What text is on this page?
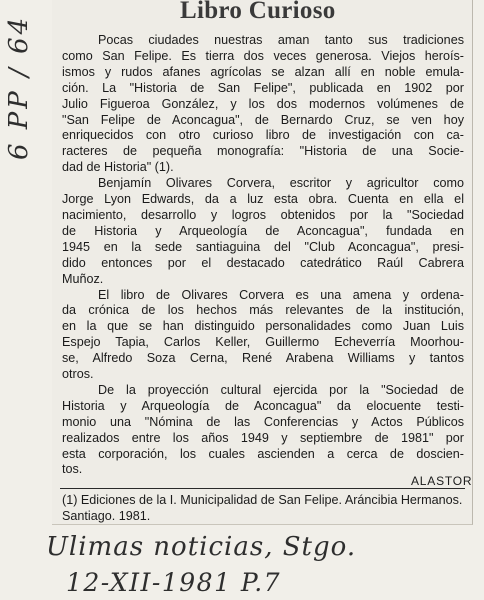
Libro Curioso

Pocas ciudades nuestras aman tanto sus tradiciones
como San Felipe. Es tierra dos veces generosa. Viejos heroís-
ismos y rudos afanes agrícolas se alzan allí en noble emula-
ción. La "Historia de San Felipe", publicada en 1902 por
Julio Figueroa González, y los dos modernos volúmenes de
"San Felipe de Aconcagua", de Bernardo Cruz, se ven hoy
enriquecidos con otro curioso libro de investigación con ca-
racteres de pequeña monografía: "Historia de una Socie-
dad de Historia" (1).

Benjamín Olivares Corvera, escritor y agricultor como
Jorge Lyon Edwards, da a luz esta obra. Cuenta en ella el
nacimiento, desarrollo y logros obtenidos por la "Sociedad
de Historia y Arqueología de Aconcagua", fundada en
1945 en la sede santiaguina del "Club Aconcagua", presi-
dido entonces por el destacado catedrático Raúl Cabrera
Muñoz.

El libro de Olivares Corvera es una amena y ordena-
da crónica de los hechos más relevantes de la institución,
en la que se han distinguido personalidades como Juan Luis
Espejo Tapia, Carlos Keller, Guillermo Echeverría Moorhou-
se, Alfredo Soza Cerna, René Arabena Williams y tantos
otros.

De la proyección cultural ejercida por la "Sociedad de
Historia y Arqueología de Aconcagua" da elocuente testi-
monio una "Nómina de las Conferencias y Actos Públicos
realizados entre los años 1949 y septiembre de 1981" por
esta corporación, los cuales ascienden a cerca de doscien-
tos.

ALASTOR
(1) Ediciones de la I. Municipalidad de San Felipe. Aráncibia Hermanos. Santiago. 1981.
6 PP / 64
Ulimas noticias, Stgo.
12-XII-1981 P.7
